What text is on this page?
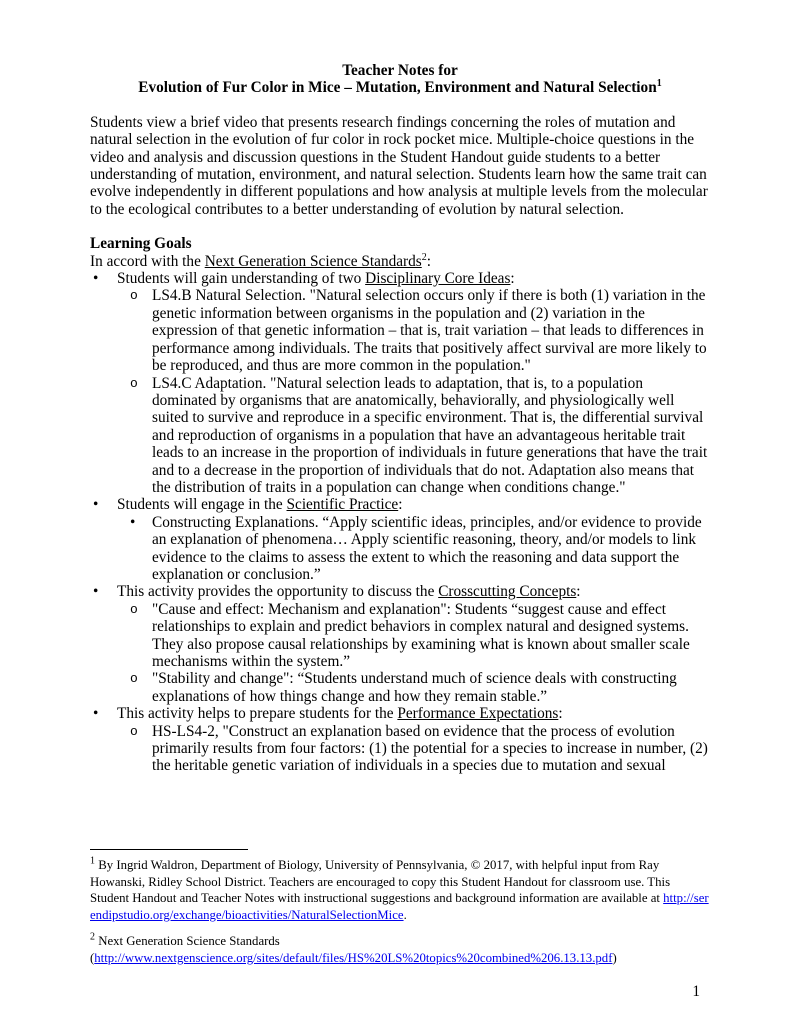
Teacher Notes for
Evolution of Fur Color in Mice – Mutation, Environment and Natural Selection$^1$
Students view a brief video that presents research findings concerning the roles of mutation and natural selection in the evolution of fur color in rock pocket mice. Multiple-choice questions in the video and analysis and discussion questions in the Student Handout guide students to a better understanding of mutation, environment, and natural selection. Students learn how the same trait can evolve independently in different populations and how analysis at multiple levels from the molecular to the ecological contributes to a better understanding of evolution by natural selection.
Learning Goals
In accord with the Next Generation Science Standards$^2$:
• Students will gain understanding of two Disciplinary Core Ideas:
o LS4.B Natural Selection. "Natural selection occurs only if there is both (1) variation in the genetic information between organisms in the population and (2) variation in the expression of that genetic information – that is, trait variation – that leads to differences in performance among individuals. The traits that positively affect survival are more likely to be reproduced, and thus are more common in the population."
o LS4.C Adaptation. "Natural selection leads to adaptation, that is, to a population dominated by organisms that are anatomically, behaviorally, and physiologically well suited to survive and reproduce in a specific environment. That is, the differential survival and reproduction of organisms in a population that have an advantageous heritable trait leads to an increase in the proportion of individuals in future generations that have the trait and to a decrease in the proportion of individuals that do not. Adaptation also means that the distribution of traits in a population can change when conditions change."
• Students will engage in the Scientific Practice:
• Constructing Explanations. “Apply scientific ideas, principles, and/or evidence to provide an explanation of phenomena… Apply scientific reasoning, theory, and/or models to link evidence to the claims to assess the extent to which the reasoning and data support the explanation or conclusion.”
• This activity provides the opportunity to discuss the Crosscutting Concepts:
o "Cause and effect: Mechanism and explanation": Students “suggest cause and effect relationships to explain and predict behaviors in complex natural and designed systems. They also propose causal relationships by examining what is known about smaller scale mechanisms within the system.”
o "Stability and change": “Students understand much of science deals with constructing explanations of how things change and how they remain stable.”
• This activity helps to prepare students for the Performance Expectations:
o HS-LS4-2, "Construct an explanation based on evidence that the process of evolution primarily results from four factors: (1) the potential for a species to increase in number, (2) the heritable genetic variation of individuals in a species due to mutation and sexual
$^1$ By Ingrid Waldron, Department of Biology, University of Pennsylvania, © 2017, with helpful input from Ray Howanski, Ridley School District. Teachers are encouraged to copy this Student Handout for classroom use. This Student Handout and Teacher Notes with instructional suggestions and background information are available at http://serendipstudio.org/exchange/bioactivities/NaturalSelectionMice.
$^2$ Next Generation Science Standards
(http://www.nextgenscience.org/sites/default/files/HS%20LS%20topics%20combined%206.13.13.pdf)
1
